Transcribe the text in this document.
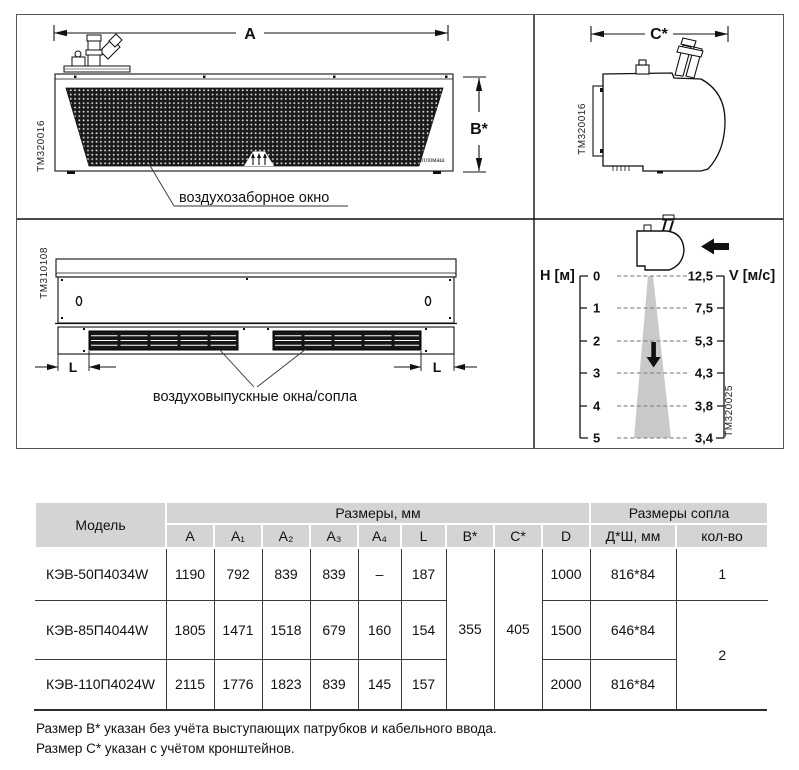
A
Тепломаш
B*
воздухозаборное окно
TM320016
C*
TM320016
L	L
воздуховыпускные окна/сопла
TM310108	0
1
2
3
4
5
12,5
7,5
5,3
4,3
3,8
3,4
H [м]	V [м/с]
TM320025
Модель	Размеры, мм									Размеры сопла	
	A	A₁	A₂	A₃	A₄	L	B*	C*	D	Д*Ш, мм	кол-во
КЭВ-50П4034W	1190	792	839	839	–	187	355	405	1000	816*84	1
КЭВ-85П4044W	1805	1471	1518	679	160	154			1500	646*84	2
КЭВ-110П4024W	2115	1776	1823	839	145	157			2000	816*84	
Размер B* указан без учёта выступающих патрубков и кабельного ввода.
Размер C* указан с учётом кронштейнов.
